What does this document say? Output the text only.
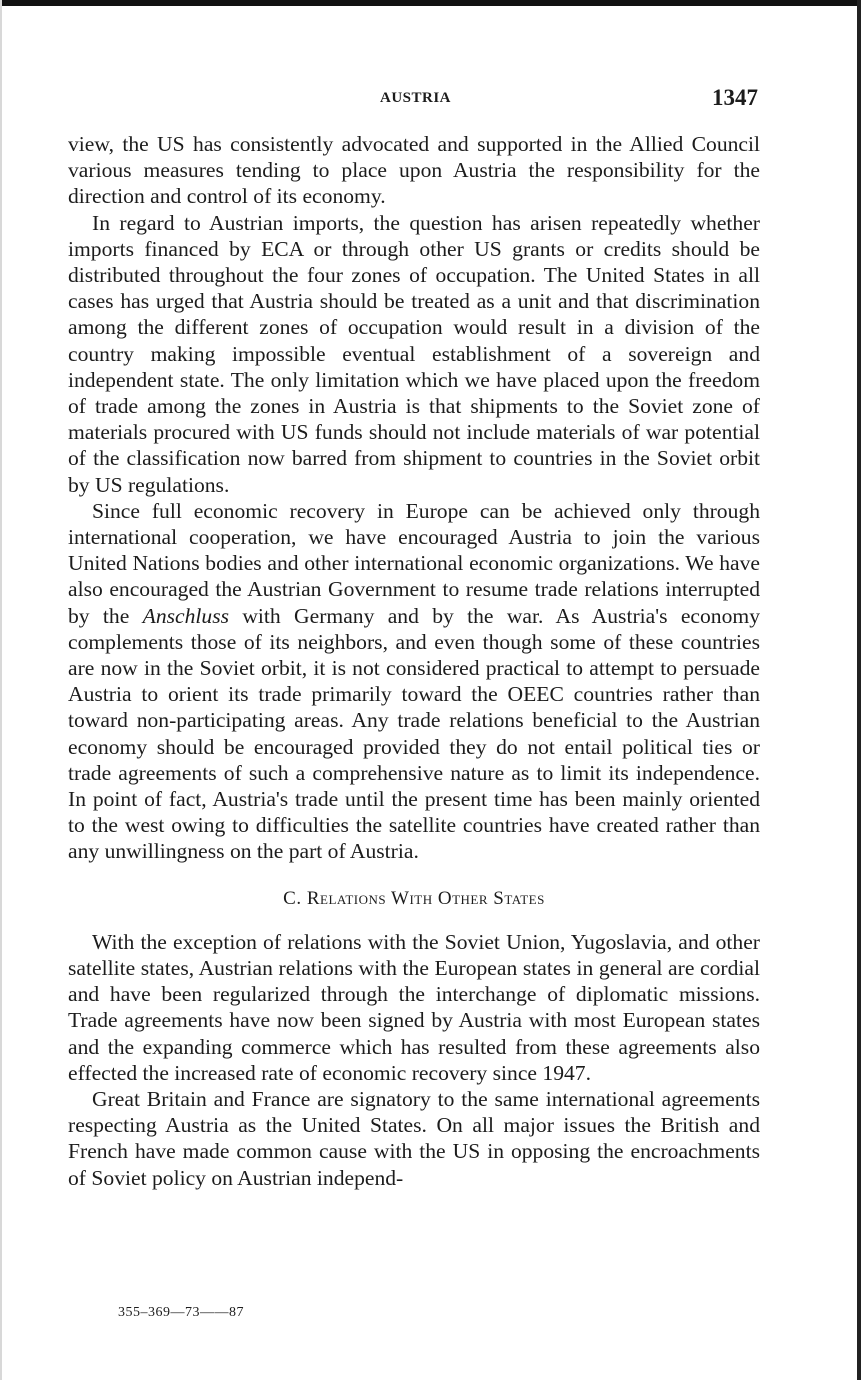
AUSTRIA	1347

view, the US has consistently advocated and supported in the Allied Council various measures tending to place upon Austria the responsibility for the direction and control of its economy.

In regard to Austrian imports, the question has arisen repeatedly whether imports financed by ECA or through other US grants or credits should be distributed throughout the four zones of occupation. The United States in all cases has urged that Austria should be treated as a unit and that discrimination among the different zones of occupation would result in a division of the country making impossible eventual establishment of a sovereign and independent state. The only limitation which we have placed upon the freedom of trade among the zones in Austria is that shipments to the Soviet zone of materials procured with US funds should not include materials of war potential of the classification now barred from shipment to countries in the Soviet orbit by US regulations.

Since full economic recovery in Europe can be achieved only through international cooperation, we have encouraged Austria to join the various United Nations bodies and other international economic organizations. We have also encouraged the Austrian Government to resume trade relations interrupted by the Anschluss with Germany and by the war. As Austria's economy complements those of its neighbors, and even though some of these countries are now in the Soviet orbit, it is not considered practical to attempt to persuade Austria to orient its trade primarily toward the OEEC countries rather than toward non-participating areas. Any trade relations beneficial to the Austrian economy should be encouraged provided they do not entail political ties or trade agreements of such a comprehensive nature as to limit its independence. In point of fact, Austria's trade until the present time has been mainly oriented to the west owing to difficulties the satellite countries have created rather than any unwillingness on the part of Austria.

C. Relations With Other States

With the exception of relations with the Soviet Union, Yugoslavia, and other satellite states, Austrian relations with the European states in general are cordial and have been regularized through the interchange of diplomatic missions. Trade agreements have now been signed by Austria with most European states and the expanding commerce which has resulted from these agreements also effected the increased rate of economic recovery since 1947.

Great Britain and France are signatory to the same international agreements respecting Austria as the United States. On all major issues the British and French have made common cause with the US in opposing the encroachments of Soviet policy on Austrian independ-

355–369—73——87
